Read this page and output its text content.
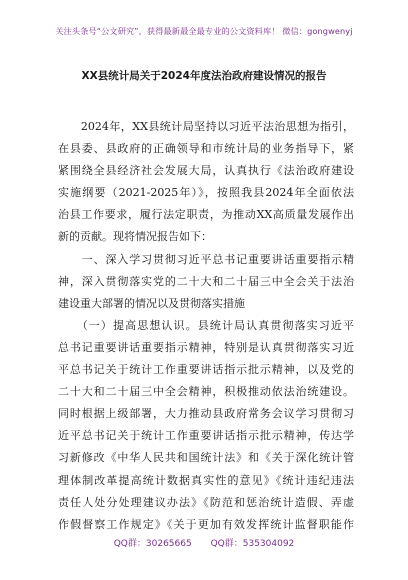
关注头条号“公文研究”，获得最新最全最专业的公文资料库！ 微信：gongwenyj
XX县统计局关于2024年度法治政府建设情况的报告
　　2024年，XX县统计局坚持以习近平法治思想为指引，
在县委、县政府的正确领导和市统计局的业务指导下，紧
紧围绕全县经济社会发展大局，认真执行《法治政府建设
实施纲要（2021-2025年）》，按照我县2024年全面依法
治县工作要求，履行法定职责，为推动XX高质量发展作出
新的贡献。现将情况报告如下：
　　一、深入学习贯彻习近平总书记重要讲话重要指示精
神，深入贯彻落实党的二十大和二十届三中全会关于法治
建设重大部署的情况以及贯彻落实措施
　　（一）提高思想认识。县统计局认真贯彻落实习近平
总书记重要讲话重要指示精神，特别是认真贯彻落实习近
平总书记关于统计工作重要讲话指示批示精神，以及党的
二十大和二十届三中全会精神，积极推动依法治统建设。
同时根据上级部署，大力推动县政府常务会议学习贯彻习
近平总书记关于统计工作重要讲话指示批示精神，传达学
习新修改《中华人民共和国统计法》和《关于深化统计管
理体制改革提高统计数据真实性的意见》《统计违纪违法
责任人处分处理建议办法》《防范和惩治统计造假、弄虚
作假督察工作规定》《关于更加有效发挥统计监督职能作
QQ群：30265665 QQ群：535304092
